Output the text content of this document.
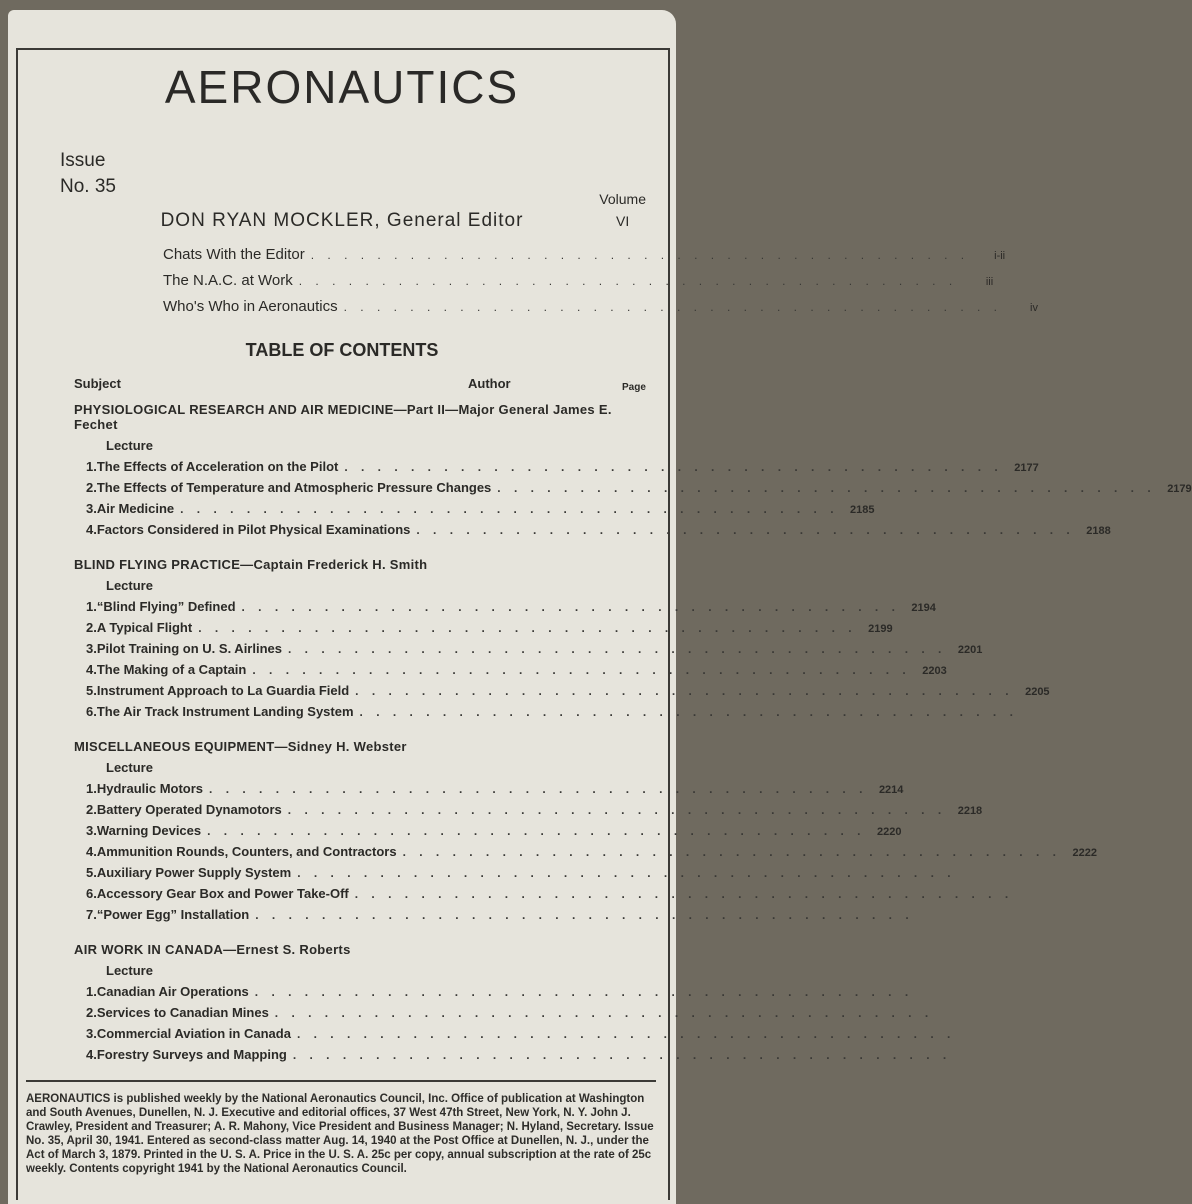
AERONAUTICS
Issue
No. 35
Volume
VI
DON RYAN MOCKLER, General Editor
Chats With the Editor . . . . . . . . . . . . . . . . . . . . . . . . . . . . . . . . . . . . . . . .	i-ii
The N.A.C. at Work . . . . . . . . . . . . . . . . . . . . . . . . . . . . . . . . . . . . . . . .	iii
Who's Who in Aeronautics . . . . . . . . . . . . . . . . . . . . . . . . . . . . . . . . . . . . . . . .	iv
TABLE OF CONTENTS
Subject	Author	Page
PHYSIOLOGICAL RESEARCH AND AIR MEDICINE—Part II—Major General James E. Fechet
Lecture
1. The Effects of Acceleration on the Pilot . . . . . . . . . . . . . . . . . . . . . . . . . . . . . . . . . . . . . . . .	2177
2. The Effects of Temperature and Atmospheric Pressure Changes . . . . . . . . . . . . . . . . . . . . . . . . . . . . . . . . . . . . . . . .	2179
3. Air Medicine . . . . . . . . . . . . . . . . . . . . . . . . . . . . . . . . . . . . . . . .	2185
4. Factors Considered in Pilot Physical Examinations . . . . . . . . . . . . . . . . . . . . . . . . . . . . . . . . . . . . . . . .	2188
BLIND FLYING PRACTICE—Captain Frederick H. Smith
Lecture
1. “Blind Flying” Defined . . . . . . . . . . . . . . . . . . . . . . . . . . . . . . . . . . . . . . . .	2194
2. A Typical Flight . . . . . . . . . . . . . . . . . . . . . . . . . . . . . . . . . . . . . . . .	2199
3. Pilot Training on U. S. Airlines . . . . . . . . . . . . . . . . . . . . . . . . . . . . . . . . . . . . . . . .	2201
4. The Making of a Captain . . . . . . . . . . . . . . . . . . . . . . . . . . . . . . . . . . . . . . . .	2203
5. Instrument Approach to La Guardia Field . . . . . . . . . . . . . . . . . . . . . . . . . . . . . . . . . . . . . . . .	2205
6. The Air Track Instrument Landing System . . . . . . . . . . . . . . . . . . . . . . . . . . . . . . . . . . . . . . . .
MISCELLANEOUS EQUIPMENT—Sidney H. Webster
Lecture
1. Hydraulic Motors . . . . . . . . . . . . . . . . . . . . . . . . . . . . . . . . . . . . . . . .	2214
2. Battery Operated Dynamotors . . . . . . . . . . . . . . . . . . . . . . . . . . . . . . . . . . . . . . . .	2218
3. Warning Devices . . . . . . . . . . . . . . . . . . . . . . . . . . . . . . . . . . . . . . . .	2220
4. Ammunition Rounds, Counters, and Contractors . . . . . . . . . . . . . . . . . . . . . . . . . . . . . . . . . . . . . . . .	2222
5. Auxiliary Power Supply System . . . . . . . . . . . . . . . . . . . . . . . . . . . . . . . . . . . . . . . .
6. Accessory Gear Box and Power Take-Off . . . . . . . . . . . . . . . . . . . . . . . . . . . . . . . . . . . . . . . .
7. “Power Egg” Installation . . . . . . . . . . . . . . . . . . . . . . . . . . . . . . . . . . . . . . . .
AIR WORK IN CANADA—Ernest S. Roberts
Lecture
1. Canadian Air Operations . . . . . . . . . . . . . . . . . . . . . . . . . . . . . . . . . . . . . . . .
2. Services to Canadian Mines . . . . . . . . . . . . . . . . . . . . . . . . . . . . . . . . . . . . . . . .
3. Commercial Aviation in Canada . . . . . . . . . . . . . . . . . . . . . . . . . . . . . . . . . . . . . . . .
4. Forestry Surveys and Mapping . . . . . . . . . . . . . . . . . . . . . . . . . . . . . . . . . . . . . . . .
AERONAUTICS is published weekly by the National Aeronautics Council, Inc. Office of publication at Washington and South Avenues, Dunellen, N. J. Executive and editorial offices, 37 West 47th Street, New York, N. Y. John J. Crawley, President and Treasurer; A. R. Mahony, Vice President and Business Manager; N. Hyland, Secretary. Issue No. 35, April 30, 1941. Entered as second-class matter Aug. 14, 1940 at the Post Office at Dunellen, N. J., under the Act of March 3, 1879. Printed in the U. S. A. Price in the U. S. A. 25c per copy, annual subscription at the rate of 25c weekly. Contents copyright 1941 by the National Aeronautics Council.
